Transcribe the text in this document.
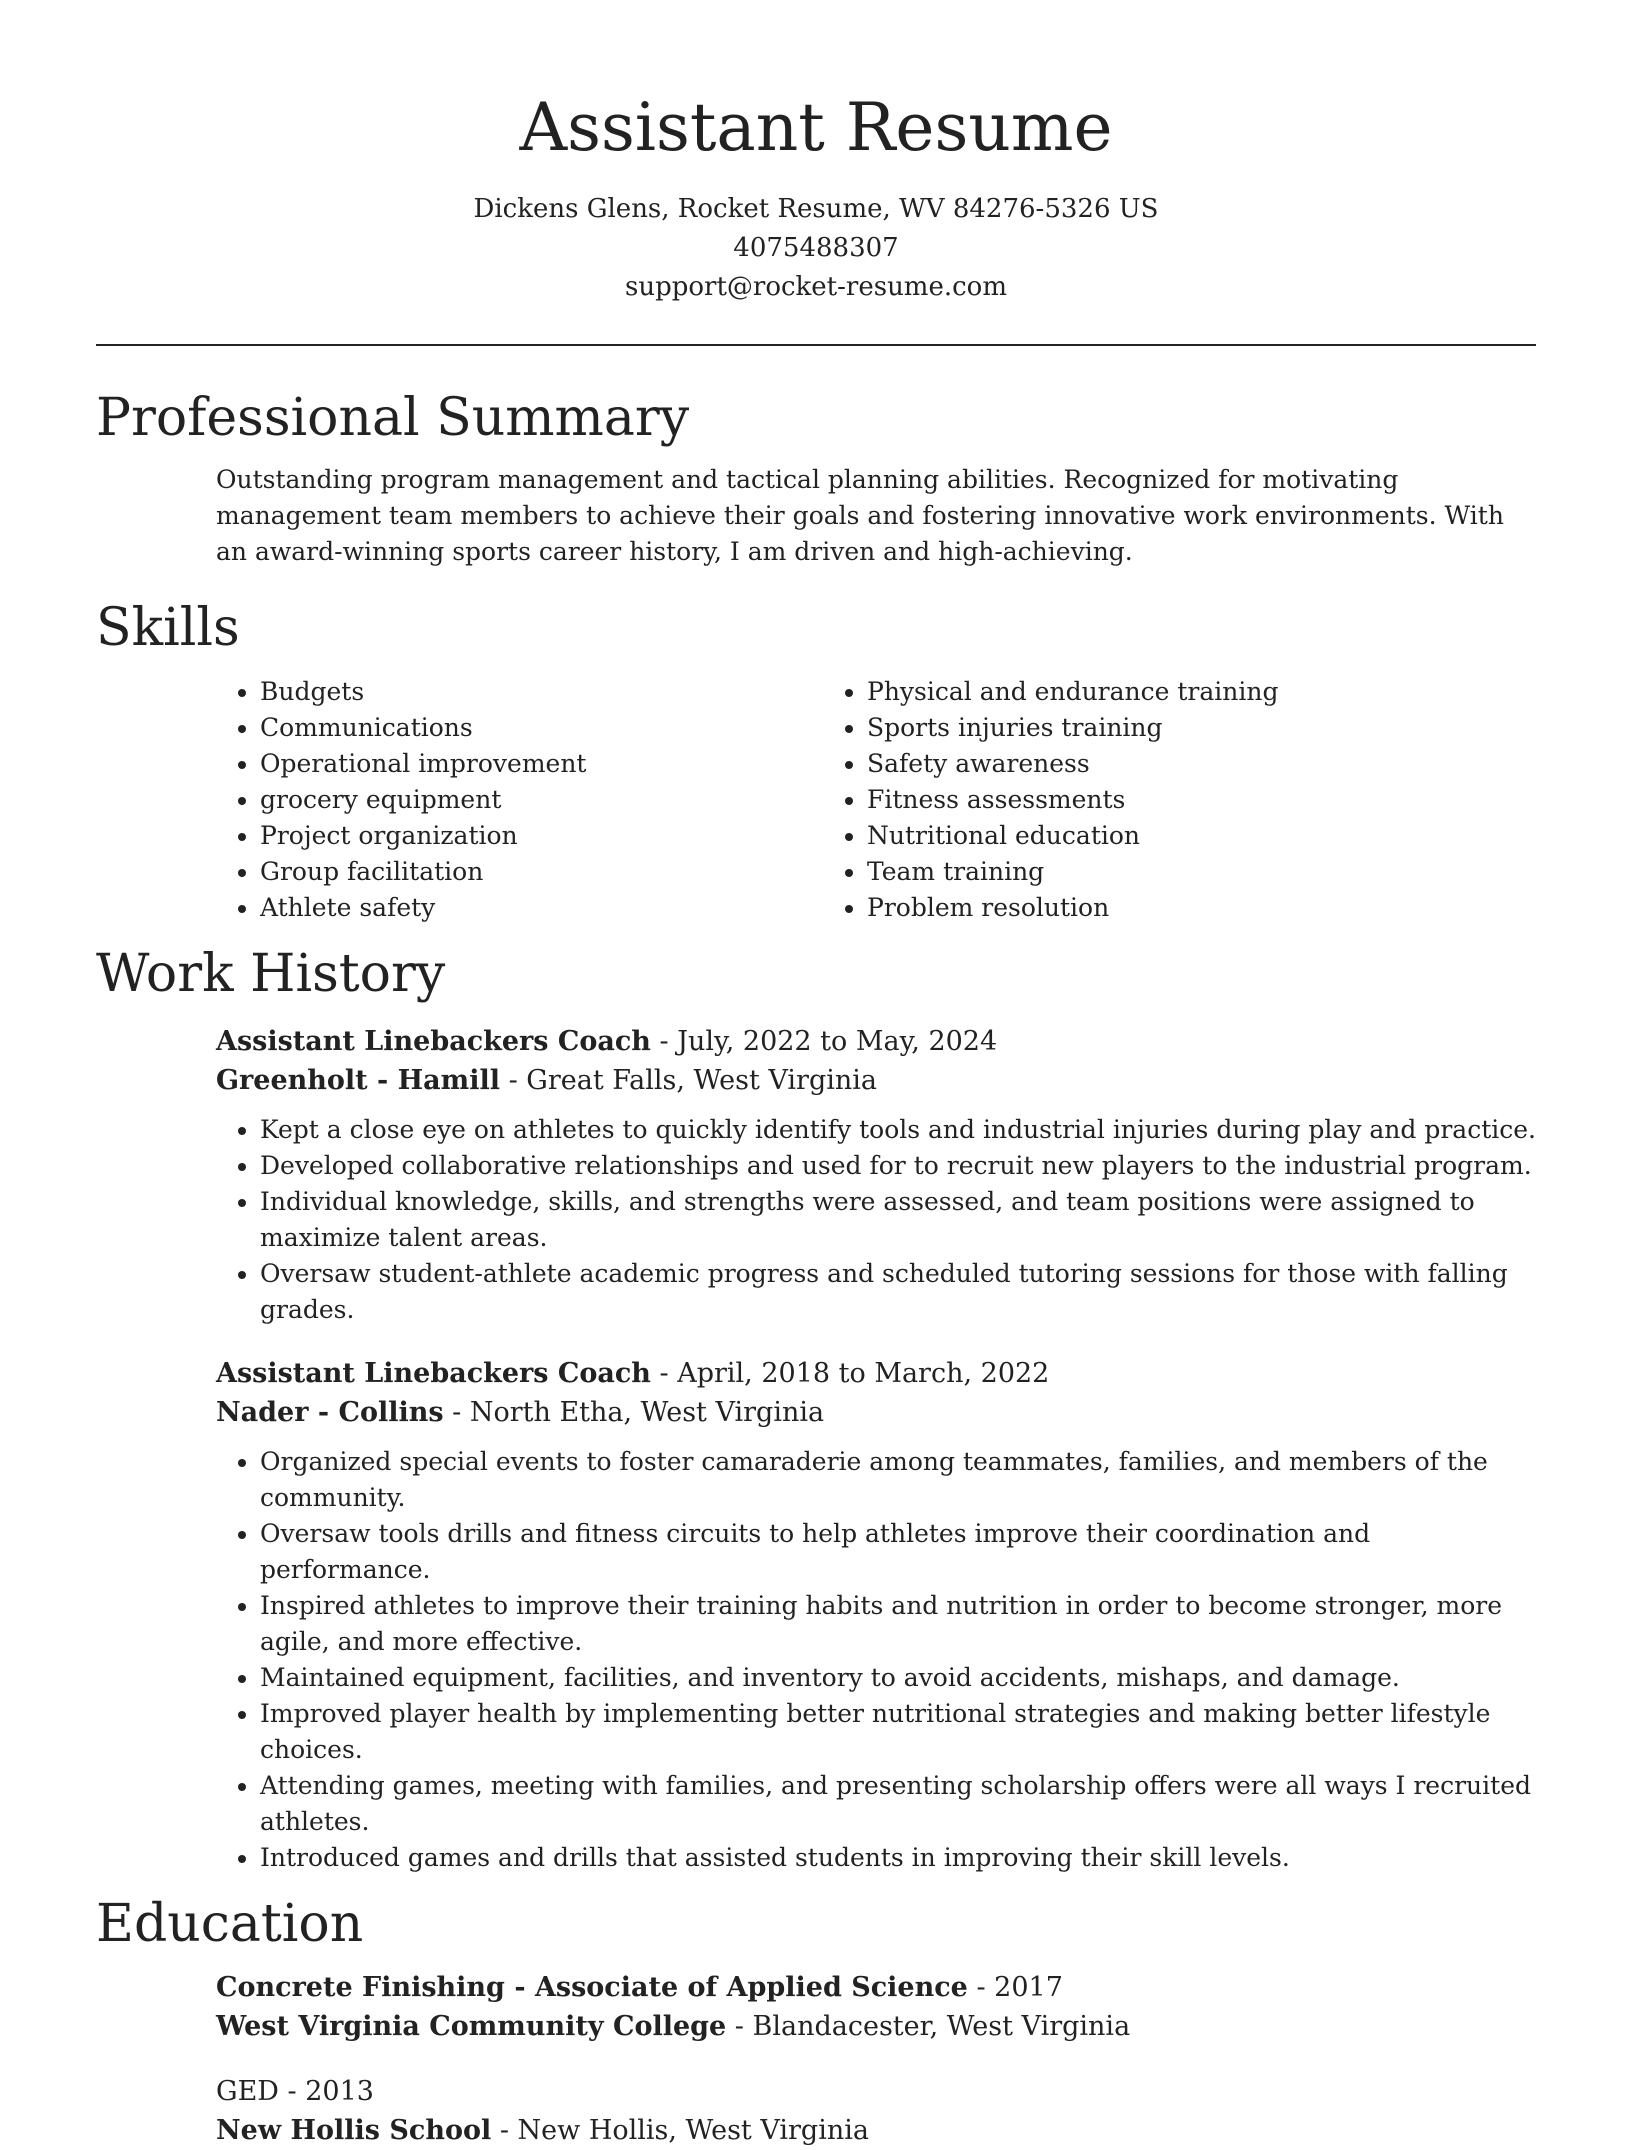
Assistant Resume
Dickens Glens, Rocket Resume, WV 84276-5326 US
4075488307
support@rocket-resume.com
Professional Summary

Outstanding program management and tactical planning abilities. Recognized for motivating management team members to achieve their goals and fostering innovative work environments. With an award-winning sports career history, I am driven and high-achieving.

Skills
• Budgets
• Communications
• Operational improvement
• grocery equipment
• Project organization
• Group facilitation
• Athlete safety
• Physical and endurance training
• Sports injuries training
• Safety awareness
• Fitness assessments
• Nutritional education
• Team training
• Problem resolution
Work History
Assistant Linebackers Coach - July, 2022 to May, 2024
Greenholt - Hamill - Great Falls, West Virginia
• Kept a close eye on athletes to quickly identify tools and industrial injuries during play and practice.
• Developed collaborative relationships and used for to recruit new players to the industrial program.
• Individual knowledge, skills, and strengths were assessed, and team positions were assigned to maximize talent areas.
• Oversaw student-athlete academic progress and scheduled tutoring sessions for those with falling grades.
Assistant Linebackers Coach - April, 2018 to March, 2022
Nader - Collins - North Etha, West Virginia
• Organized special events to foster camaraderie among teammates, families, and members of the community.
• Oversaw tools drills and fitness circuits to help athletes improve their coordination and performance.
• Inspired athletes to improve their training habits and nutrition in order to become stronger, more agile, and more effective.
• Maintained equipment, facilities, and inventory to avoid accidents, mishaps, and damage.
• Improved player health by implementing better nutritional strategies and making better lifestyle choices.
• Attending games, meeting with families, and presenting scholarship offers were all ways I recruited athletes.
• Introduced games and drills that assisted students in improving their skill levels.
Education
Concrete Finishing - Associate of Applied Science - 2017
West Virginia Community College - Blandacester, West Virginia
GED - 2013
New Hollis School - New Hollis, West Virginia
